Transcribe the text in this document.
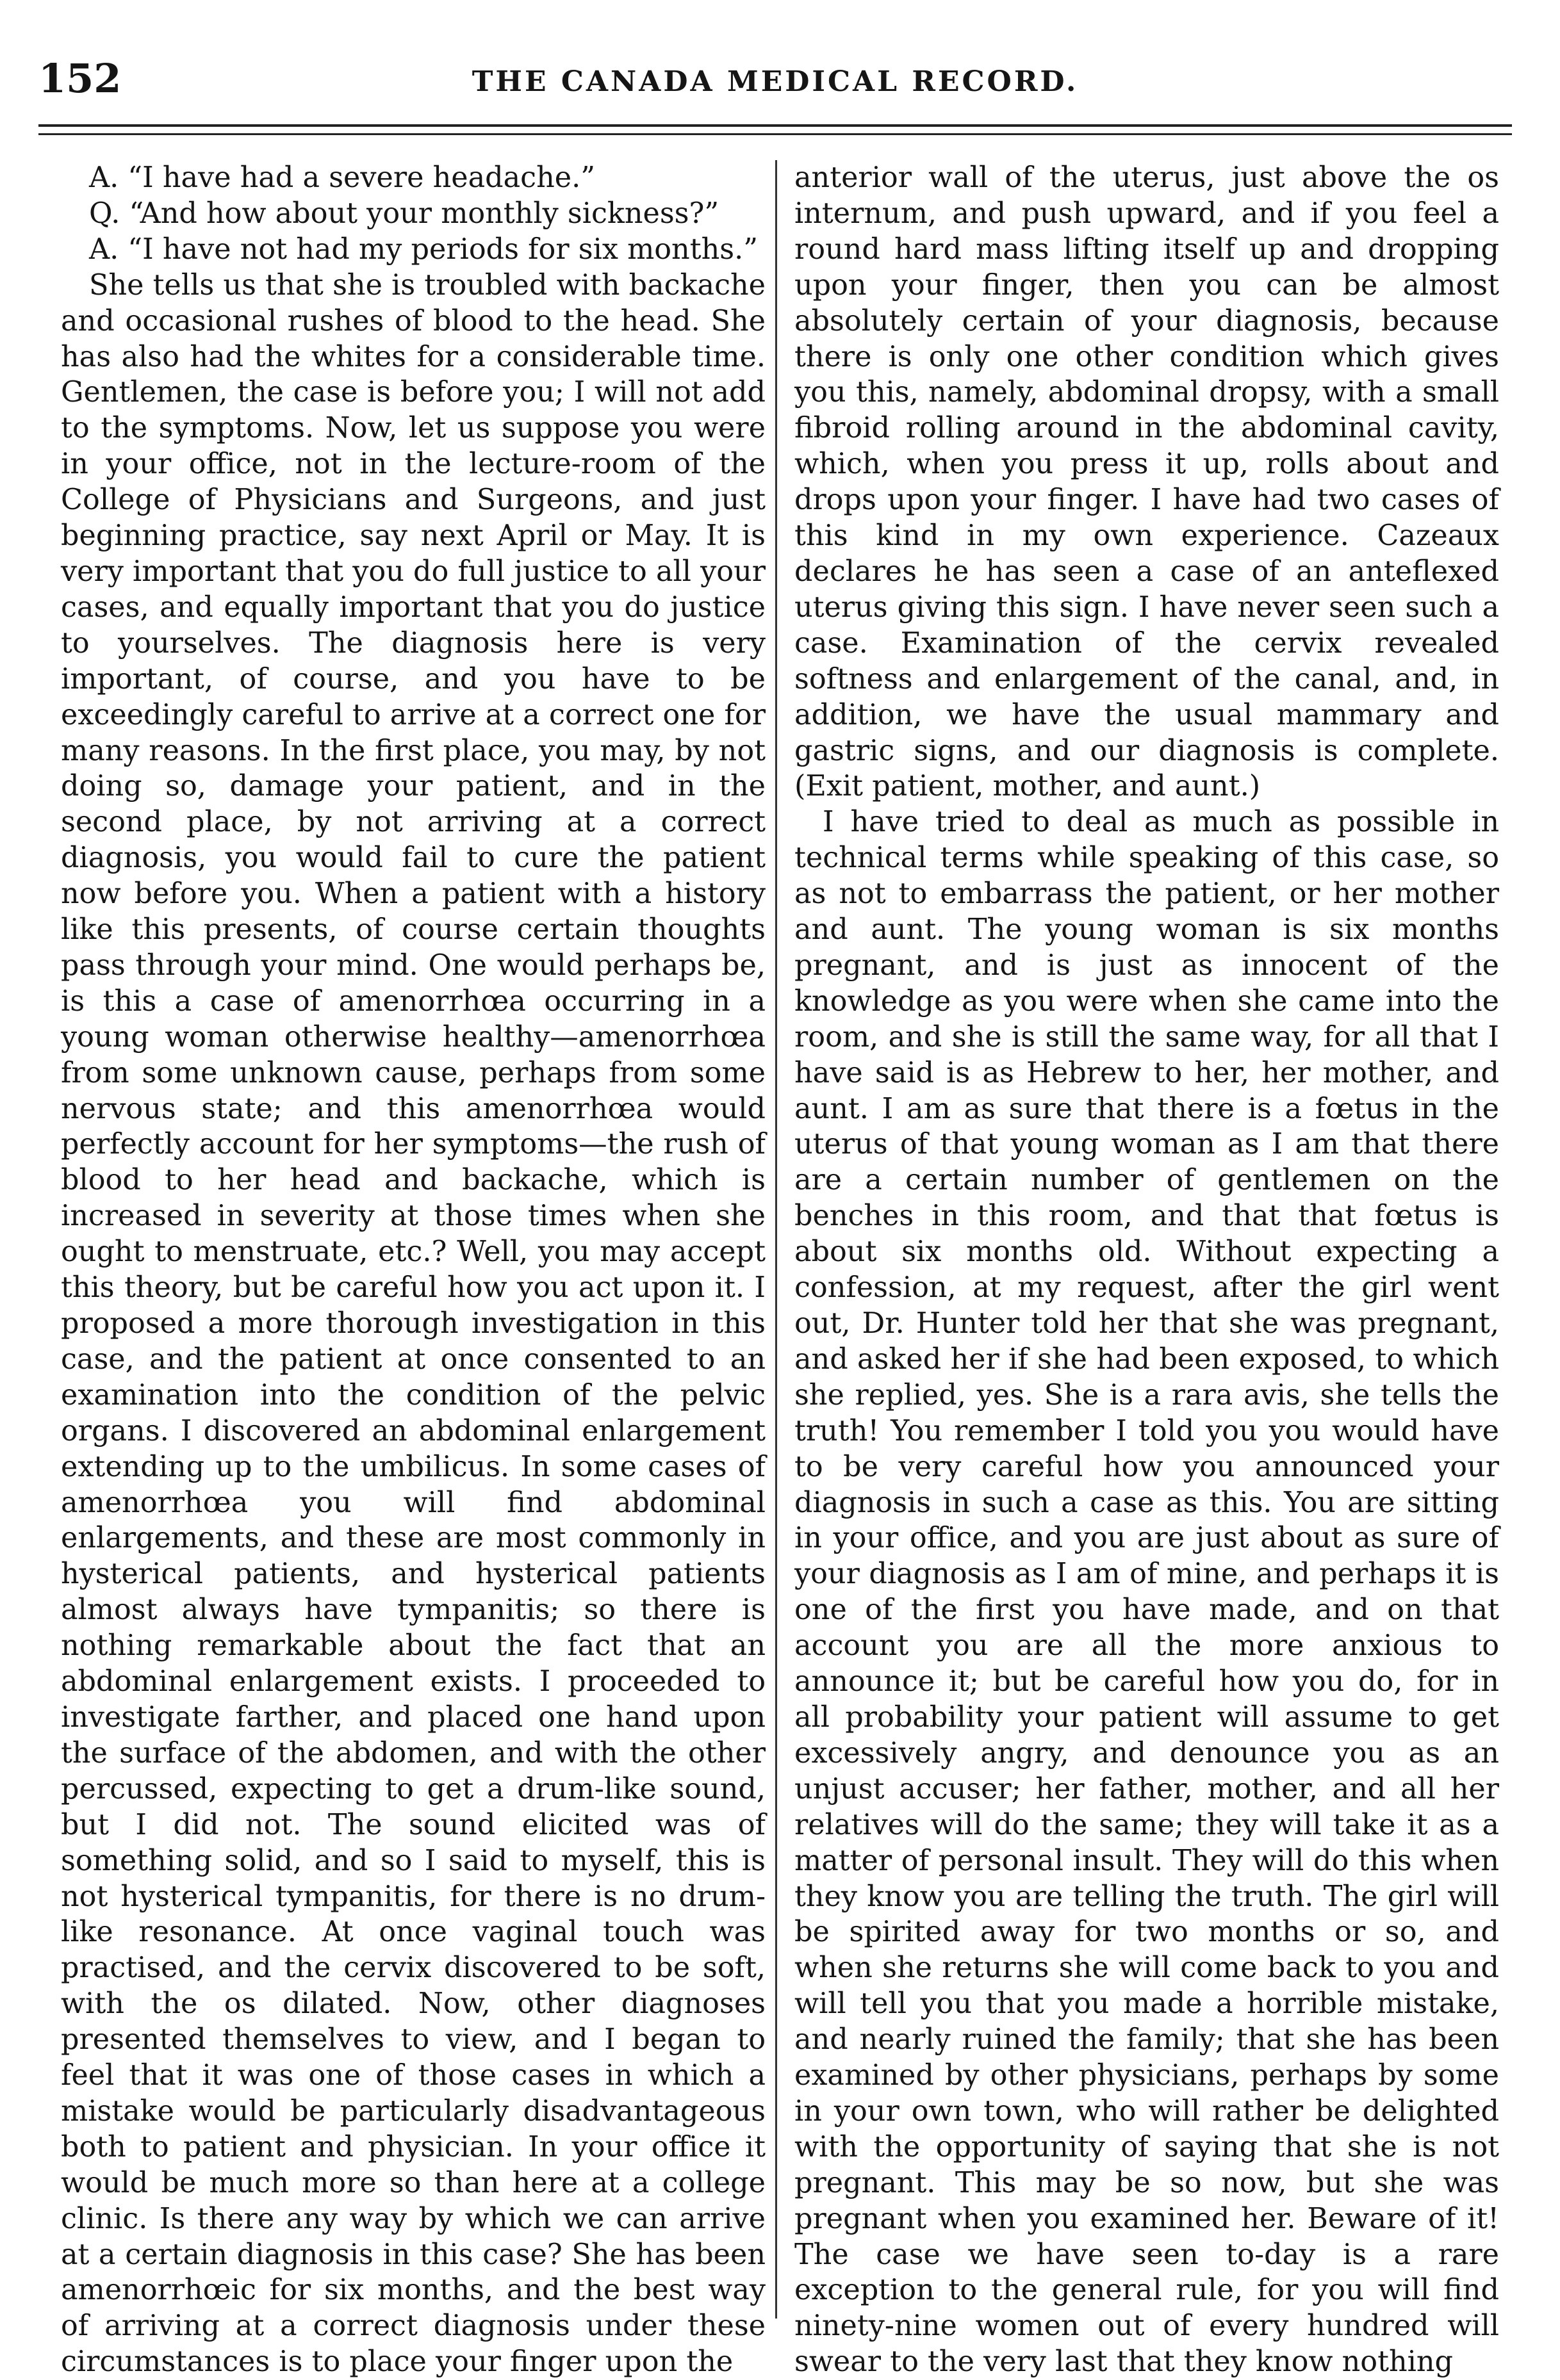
152	THE CANADA MEDICAL RECORD.

A. “I have had a severe headache.”

Q. “And how about your monthly sickness?”

A. “I have not had my periods for six months.”

She tells us that she is troubled with backache and occasional rushes of blood to the head. She has also had the whites for a considerable time. Gentlemen, the case is before you; I will not add to the symptoms. Now, let us suppose you were in your office, not in the lecture-room of the College of Physicians and Surgeons, and just beginning practice, say next April or May. It is very important that you do full justice to all your cases, and equally important that you do justice to yourselves. The diagnosis here is very important, of course, and you have to be exceedingly careful to arrive at a correct one for many reasons. In the first place, you may, by not doing so, damage your patient, and in the second place, by not arriving at a correct diagnosis, you would fail to cure the patient now before you. When a patient with a history like this presents, of course certain thoughts pass through your mind. One would perhaps be, is this a case of amenorrhœa occurring in a young woman otherwise healthy—amenorrhœa from some unknown cause, perhaps from some nervous state; and this amenorrhœa would perfectly account for her symptoms—the rush of blood to her head and backache, which is increased in severity at those times when she ought to menstruate, etc.? Well, you may accept this theory, but be careful how you act upon it. I proposed a more thorough investigation in this case, and the patient at once consented to an examination into the condition of the pelvic organs. I discovered an abdominal enlargement extending up to the umbilicus. In some cases of amenorrhœa you will find abdominal enlargements, and these are most commonly in hysterical patients, and hysterical patients almost always have tympanitis; so there is nothing remarkable about the fact that an abdominal enlargement exists. I proceeded to investigate farther, and placed one hand upon the surface of the abdomen, and with the other percussed, expecting to get a drum-like sound, but I did not. The sound elicited was of something solid, and so I said to myself, this is not hysterical tympanitis, for there is no drum-like resonance. At once vaginal touch was practised, and the cervix discovered to be soft, with the os dilated. Now, other diagnoses presented themselves to view, and I began to feel that it was one of those cases in which a mistake would be particularly disadvantageous both to patient and physician. In your office it would be much more so than here at a college clinic. Is there any way by which we can arrive at a certain diagnosis in this case? She has been amenorrhœic for six months, and the best way of arriving at a correct diagnosis under these circumstances is to place your finger upon the

anterior wall of the uterus, just above the os internum, and push upward, and if you feel a round hard mass lifting itself up and dropping upon your finger, then you can be almost absolutely certain of your diagnosis, because there is only one other condition which gives you this, namely, abdominal dropsy, with a small fibroid rolling around in the abdominal cavity, which, when you press it up, rolls about and drops upon your finger. I have had two cases of this kind in my own experience. Cazeaux declares he has seen a case of an anteflexed uterus giving this sign. I have never seen such a case. Examination of the cervix revealed softness and enlargement of the canal, and, in addition, we have the usual mammary and gastric signs, and our diagnosis is complete. (Exit patient, mother, and aunt.)

I have tried to deal as much as possible in technical terms while speaking of this case, so as not to embarrass the patient, or her mother and aunt. The young woman is six months pregnant, and is just as innocent of the knowledge as you were when she came into the room, and she is still the same way, for all that I have said is as Hebrew to her, her mother, and aunt. I am as sure that there is a fœtus in the uterus of that young woman as I am that there are a certain number of gentlemen on the benches in this room, and that that fœtus is about six months old. Without expecting a confession, at my request, after the girl went out, Dr. Hunter told her that she was pregnant, and asked her if she had been exposed, to which she replied, yes. She is a rara avis, she tells the truth! You remember I told you you would have to be very careful how you announced your diagnosis in such a case as this. You are sitting in your office, and you are just about as sure of your diagnosis as I am of mine, and perhaps it is one of the first you have made, and on that account you are all the more anxious to announce it; but be careful how you do, for in all probability your patient will assume to get excessively angry, and denounce you as an unjust accuser; her father, mother, and all her relatives will do the same; they will take it as a matter of personal insult. They will do this when they know you are telling the truth. The girl will be spirited away for two months or so, and when she returns she will come back to you and will tell you that you made a horrible mistake, and nearly ruined the family; that she has been examined by other physicians, perhaps by some in your own town, who will rather be delighted with the opportunity of saying that she is not pregnant. This may be so now, but she was pregnant when you examined her. Beware of it! The case we have seen to-day is a rare exception to the general rule, for you will find ninety-nine women out of every hundred will swear to the very last that they know nothing
